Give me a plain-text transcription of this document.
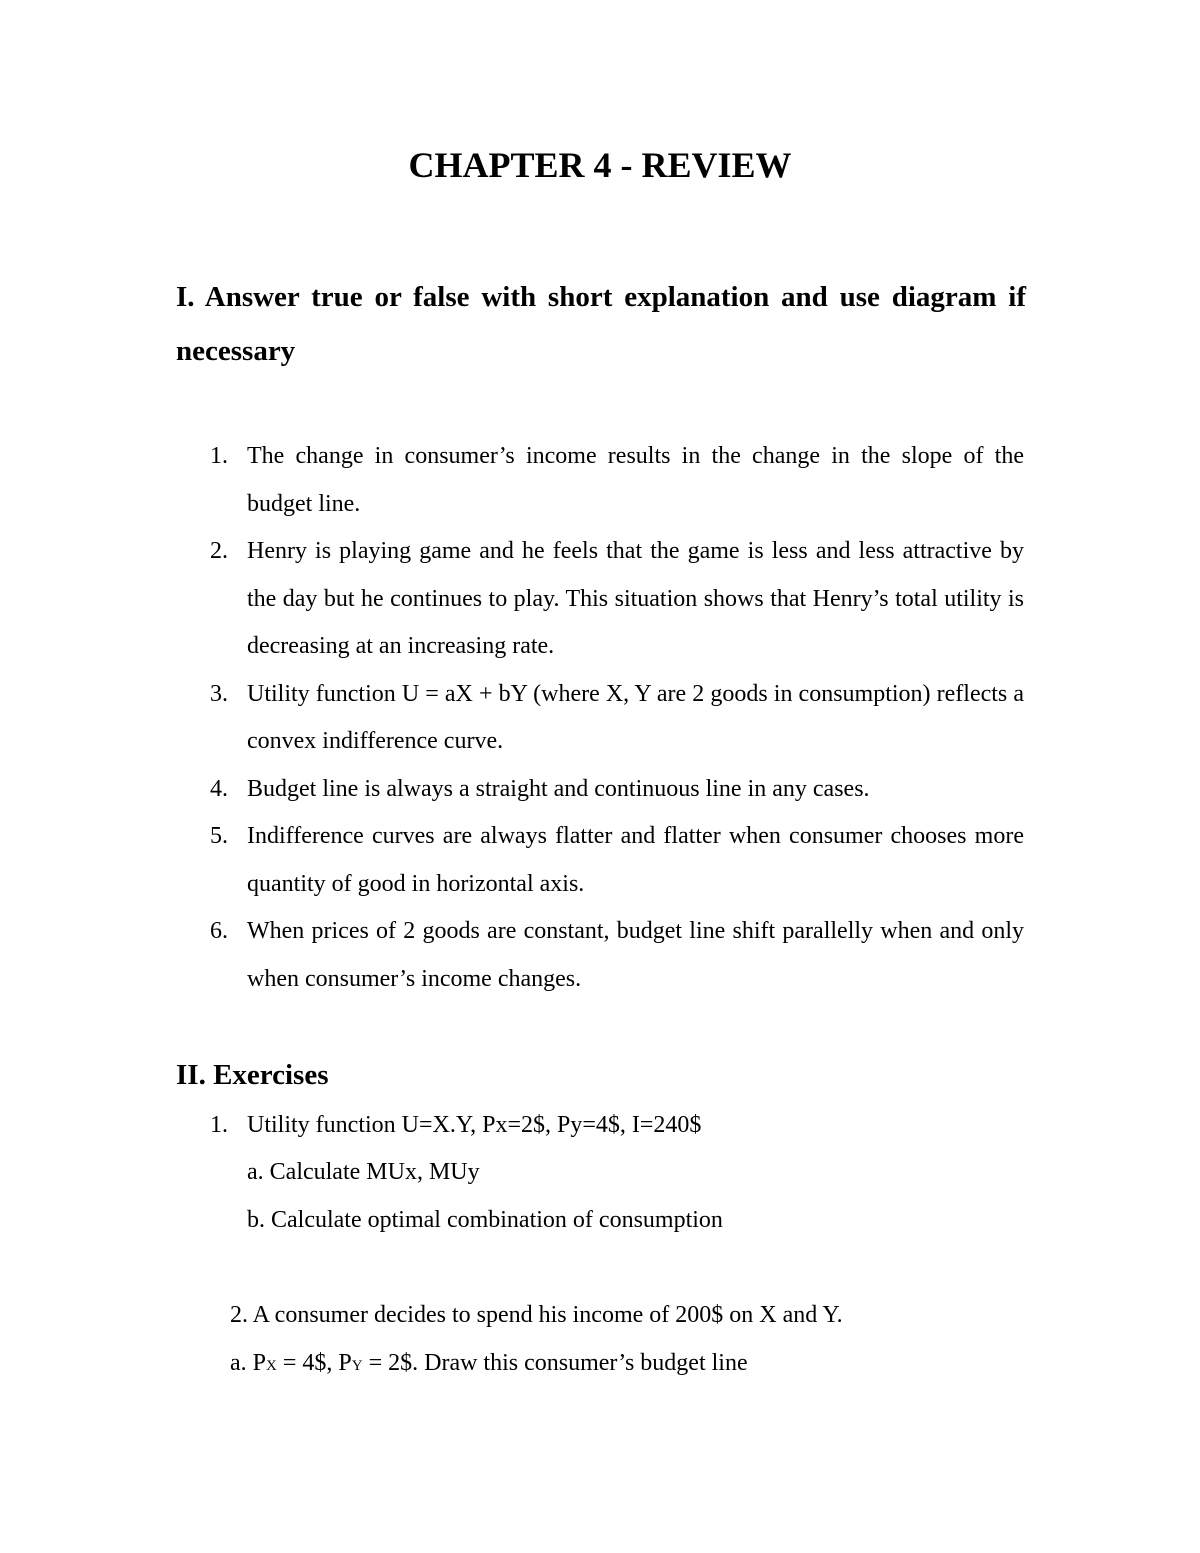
CHAPTER 4 - REVIEW
I. Answer true or false with short explanation and use diagram if necessary
1. The change in consumer’s income results in the change in the slope of the budget line.
2. Henry is playing game and he feels that the game is less and less attractive by the day but he continues to play. This situation shows that Henry’s total utility is decreasing at an increasing rate.
3. Utility function U = aX + bY (where X, Y are 2 goods in consumption) reflects a convex indifference curve.
4. Budget line is always a straight and continuous line in any cases.
5. Indifference curves are always flatter and flatter when consumer chooses more quantity of good in horizontal axis.
6. When prices of 2 goods are constant, budget line shift parallelly when and only when consumer’s income changes.
II. Exercises
1. Utility function U=X.Y, Px=2$, Py=4$, I=240$
a. Calculate MUx, MUy
b. Calculate optimal combination of consumption
2. A consumer decides to spend his income of 200$ on X and Y.
a. PX = 4$, PY = 2$. Draw this consumer’s budget line
